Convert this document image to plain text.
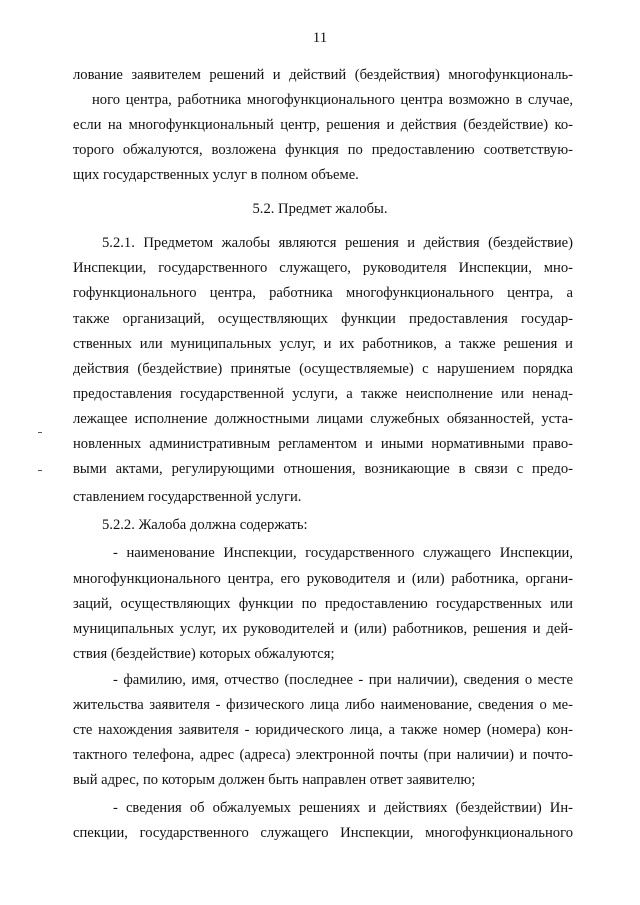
11
лование заявителем решений и действий (бездействия) многофункциональ-
ного центра, работника многофункционального центра возможно в случае,
если на многофункциональный центр, решения и действия (бездействие) ко-
торого обжалуются, возложена функция по предоставлению соответствую-
щих государственных услуг в полном объеме.
5.2. Предмет жалобы.
5.2.1. Предметом жалобы являются решения и действия (бездействие)
Инспекции, государственного служащего, руководителя Инспекции, мно-
гофункционального центра, работника многофункционального центра, а
также организаций, осуществляющих функции предоставления государ-
ственных или муниципальных услуг, и их работников, а также решения и
действия (бездействие) принятые (осуществляемые) с нарушением порядка
предоставления государственной услуги, а также неисполнение или ненад-
лежащее исполнение должностными лицами служебных обязанностей, уста-
новленных административным регламентом и иными нормативными право-
выми актами, регулирующими отношения, возникающие в связи с предо-
ставлением государственной услуги.
5.2.2. Жалоба должна содержать:
- наименование Инспекции, государственного служащего Инспекции,
многофункционального центра, его руководителя и (или) работника, органи-
заций, осуществляющих функции по предоставлению государственных или
муниципальных услуг, их руководителей и (или) работников, решения и дей-
ствия (бездействие) которых обжалуются;
- фамилию, имя, отчество (последнее - при наличии), сведения о месте
жительства заявителя - физического лица либо наименование, сведения о ме-
сте нахождения заявителя - юридического лица, а также номер (номера) кон-
тактного телефона, адрес (адреса) электронной почты (при наличии) и почто-
вый адрес, по которым должен быть направлен ответ заявителю;
- сведения об обжалуемых решениях и действиях (бездействии) Ин-
спекции, государственного служащего Инспекции, многофункционального
